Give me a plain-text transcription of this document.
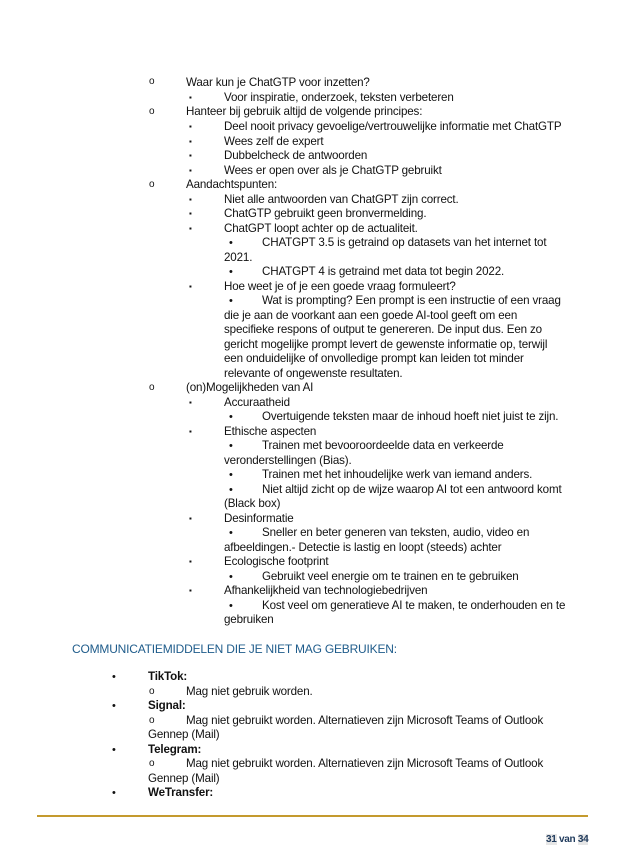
o	Waar kun je ChatGTP voor inzetten?
▪	Voor inspiratie, onderzoek, teksten verbeteren
o	Hanteer bij gebruik altijd de volgende principes:
▪	Deel nooit privacy gevoelige/vertrouwelijke informatie met ChatGTP
▪	Wees zelf de expert
▪	Dubbelcheck de antwoorden
▪	Wees er open over als je ChatGTP gebruikt
o	Aandachtspunten:
▪	Niet alle antwoorden van ChatGPT zijn correct.
▪	ChatGTP gebruikt geen bronvermelding.
▪	ChatGPT loopt achter op de actualiteit.
•	CHATGPT 3.5 is getraind op datasets van het internet tot
2021.
•	CHATGPT 4 is getraind met data tot begin 2022.
▪	Hoe weet je of je een goede vraag formuleert?
•	Wat is prompting? Een prompt is een instructie of een vraag
die je aan de voorkant aan een goede AI-tool geeft om een
specifieke respons of output te genereren. De input dus. Een zo
gericht mogelijke prompt levert de gewenste informatie op, terwijl
een onduidelijke of onvolledige prompt kan leiden tot minder
relevante of ongewenste resultaten.
o	(on)Mogelijkheden van AI
▪	Accuraatheid
•	Overtuigende teksten maar de inhoud hoeft niet juist te zijn.
▪	Ethische aspecten
•	Trainen met bevooroordeelde data en verkeerde
veronderstellingen (Bias).
•	Trainen met het inhoudelijke werk van iemand anders.
•	Niet altijd zicht op de wijze waarop AI tot een antwoord komt
(Black box)
▪	Desinformatie
•	Sneller en beter generen van teksten, audio, video en
afbeeldingen.- Detectie is lastig en loopt (steeds) achter
▪	Ecologische footprint
•	Gebruikt veel energie om te trainen en te gebruiken
▪	Afhankelijkheid van technologiebedrijven
•	Kost veel om generatieve AI te maken, te onderhouden en te
gebruiken
COMMUNICATIEMIDDELEN DIE JE NIET MAG GEBRUIKEN:
•	TikTok:
o	Mag niet gebruik worden.
•	Signal:
o	Mag niet gebruikt worden. Alternatieven zijn Microsoft Teams of Outlook
Gennep (Mail)
•	Telegram:
o	Mag niet gebruikt worden. Alternatieven zijn Microsoft Teams of Outlook
Gennep (Mail)
•	WeTransfer:
31 van 34
